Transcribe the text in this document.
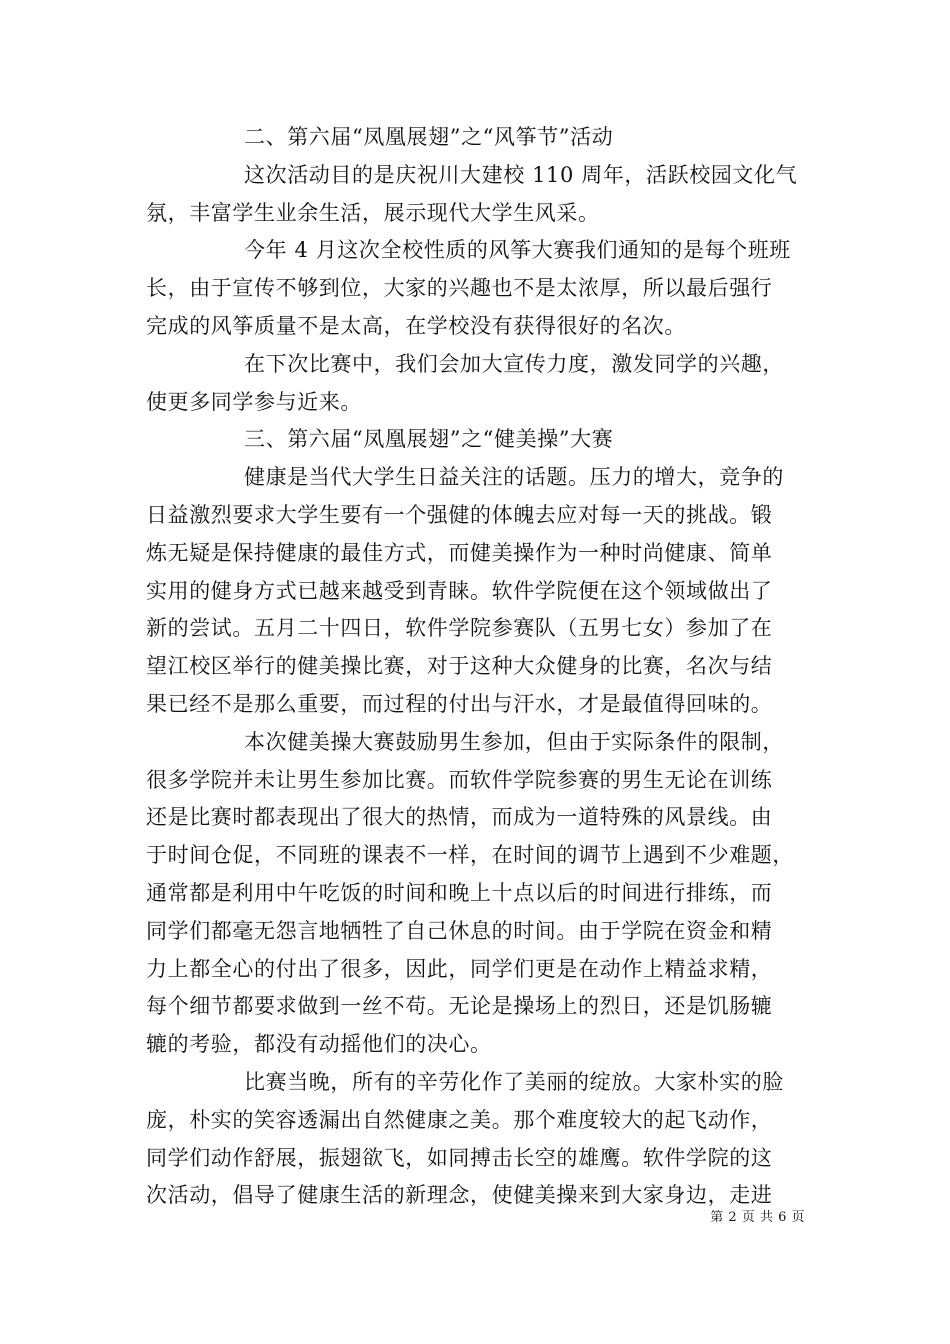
二、第六届“凤凰展翅”之“风筝节”活动
这次活动目的是庆祝川大建校 110 周年，活跃校园文化气
氛，丰富学生业余生活，展示现代大学生风采。
今年 4 月这次全校性质的风筝大赛我们通知的是每个班班
长，由于宣传不够到位，大家的兴趣也不是太浓厚，所以最后强行
完成的风筝质量不是太高，在学校没有获得很好的名次。
在下次比赛中，我们会加大宣传力度，激发同学的兴趣，
使更多同学参与近来。
三、第六届“凤凰展翅”之“健美操”大赛
健康是当代大学生日益关注的话题。压力的增大，竞争的
日益激烈要求大学生要有一个强健的体魄去应对每一天的挑战。锻
炼无疑是保持健康的最佳方式，而健美操作为一种时尚健康、简单
实用的健身方式已越来越受到青睐。软件学院便在这个领域做出了
新的尝试。五月二十四日，软件学院参赛队（五男七女）参加了在
望江校区举行的健美操比赛，对于这种大众健身的比赛，名次与结
果已经不是那么重要，而过程的付出与汗水，才是最值得回味的。
本次健美操大赛鼓励男生参加，但由于实际条件的限制，
很多学院并未让男生参加比赛。而软件学院参赛的男生无论在训练
还是比赛时都表现出了很大的热情，而成为一道特殊的风景线。由
于时间仓促，不同班的课表不一样，在时间的调节上遇到不少难题，
通常都是利用中午吃饭的时间和晚上十点以后的时间进行排练，而
同学们都毫无怨言地牺牲了自己休息的时间。由于学院在资金和精
力上都全心的付出了很多，因此，同学们更是在动作上精益求精，
每个细节都要求做到一丝不苟。无论是操场上的烈日，还是饥肠辘
辘的考验，都没有动摇他们的决心。
比赛当晚，所有的辛劳化作了美丽的绽放。大家朴实的脸
庞，朴实的笑容透漏出自然健康之美。那个难度较大的起飞动作，
同学们动作舒展，振翅欲飞，如同搏击长空的雄鹰。软件学院的这
次活动，倡导了健康生活的新理念，使健美操来到大家身边，走进
第 2 页 共 6 页
